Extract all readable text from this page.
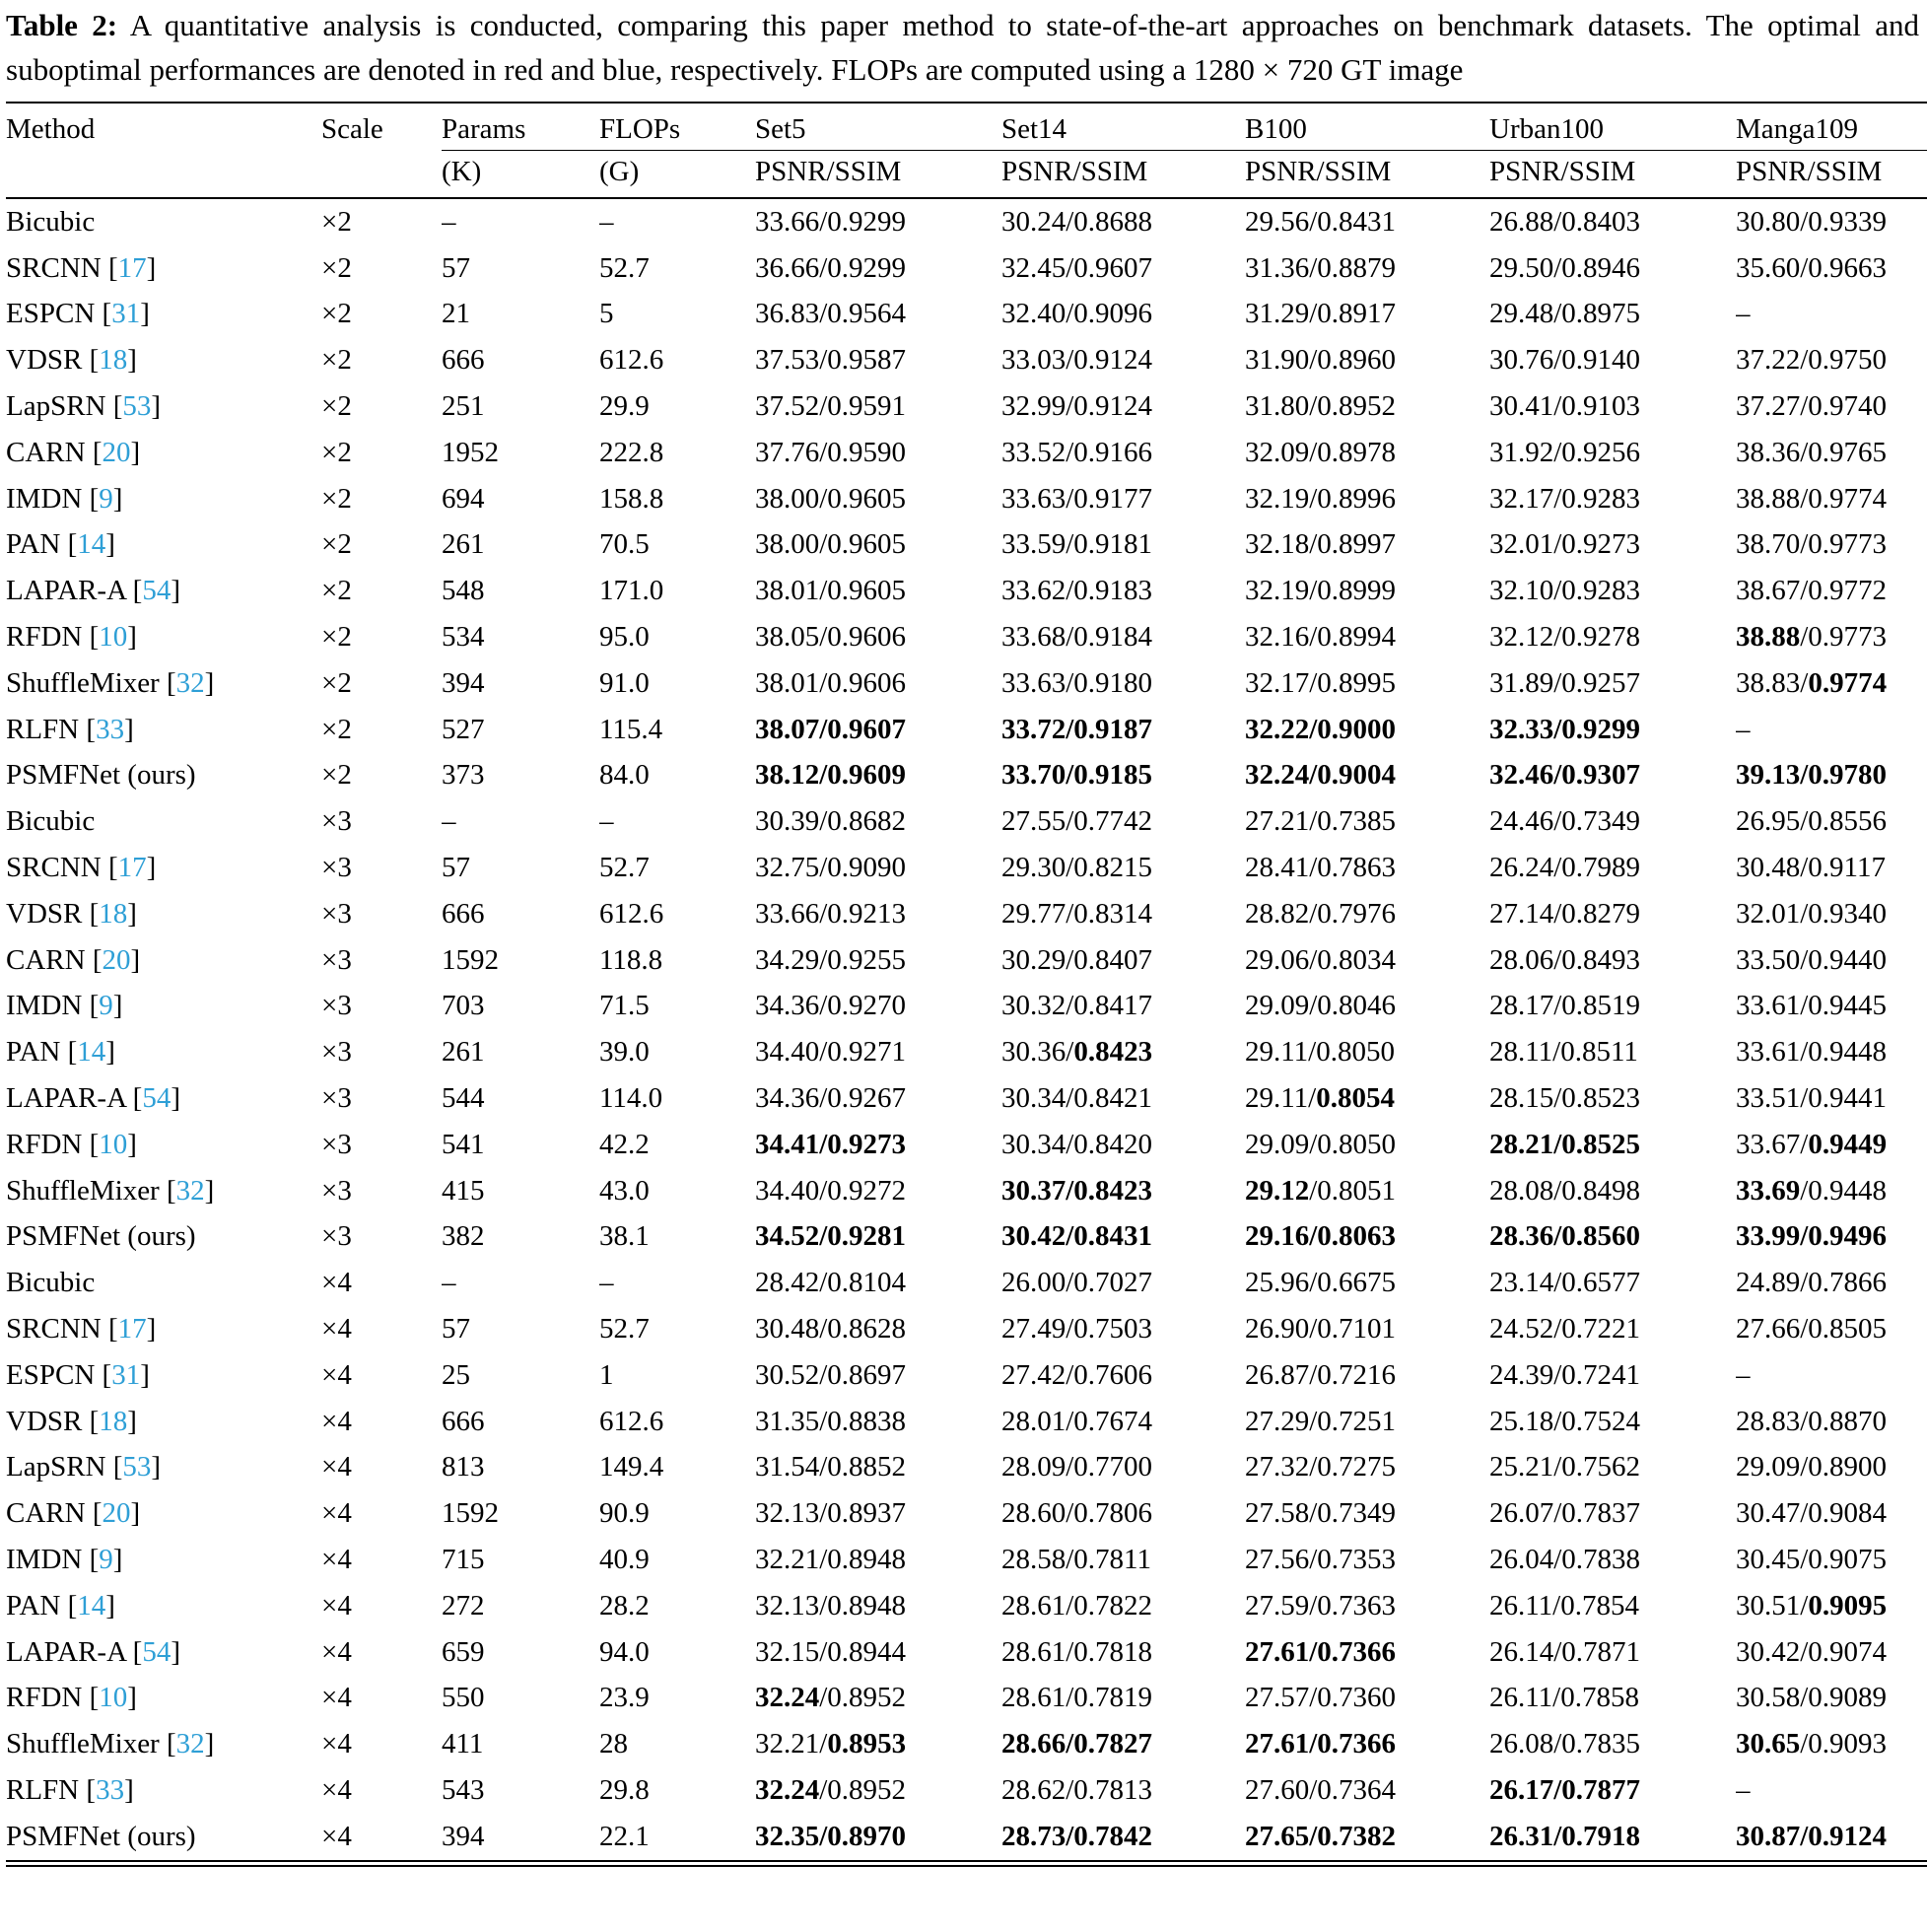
Table 2: A quantitative analysis is conducted, comparing this paper method to state-of-the-art approaches on benchmark datasets. The optimal and suboptimal performances are denoted in red and blue, respectively. FLOPs are computed using a 1280 × 720 GT image
Method	Scale	Params	FLOPs	Set5	Set14	B100	Urban100	Manga109
		(K)	(G)	PSNR/SSIM	PSNR/SSIM	PSNR/SSIM	PSNR/SSIM	PSNR/SSIM
Bicubic	×2	–	–	33.66/0.9299	30.24/0.8688	29.56/0.8431	26.88/0.8403	30.80/0.9339
SRCNN [17]	×2	57	52.7	36.66/0.9299	32.45/0.9607	31.36/0.8879	29.50/0.8946	35.60/0.9663
ESPCN [31]	×2	21	5	36.83/0.9564	32.40/0.9096	31.29/0.8917	29.48/0.8975	–
VDSR [18]	×2	666	612.6	37.53/0.9587	33.03/0.9124	31.90/0.8960	30.76/0.9140	37.22/0.9750
LapSRN [53]	×2	251	29.9	37.52/0.9591	32.99/0.9124	31.80/0.8952	30.41/0.9103	37.27/0.9740
CARN [20]	×2	1952	222.8	37.76/0.9590	33.52/0.9166	32.09/0.8978	31.92/0.9256	38.36/0.9765
IMDN [9]	×2	694	158.8	38.00/0.9605	33.63/0.9177	32.19/0.8996	32.17/0.9283	38.88/0.9774
PAN [14]	×2	261	70.5	38.00/0.9605	33.59/0.9181	32.18/0.8997	32.01/0.9273	38.70/0.9773
LAPAR-A [54]	×2	548	171.0	38.01/0.9605	33.62/0.9183	32.19/0.8999	32.10/0.9283	38.67/0.9772
RFDN [10]	×2	534	95.0	38.05/0.9606	33.68/0.9184	32.16/0.8994	32.12/0.9278	38.88/0.9773
ShuffleMixer [32]	×2	394	91.0	38.01/0.9606	33.63/0.9180	32.17/0.8995	31.89/0.9257	38.83/0.9774
RLFN [33]	×2	527	115.4	38.07/0.9607	33.72/0.9187	32.22/0.9000	32.33/0.9299	–
PSMFNet (ours)	×2	373	84.0	38.12/0.9609	33.70/0.9185	32.24/0.9004	32.46/0.9307	39.13/0.9780
Bicubic	×3	–	–	30.39/0.8682	27.55/0.7742	27.21/0.7385	24.46/0.7349	26.95/0.8556
SRCNN [17]	×3	57	52.7	32.75/0.9090	29.30/0.8215	28.41/0.7863	26.24/0.7989	30.48/0.9117
VDSR [18]	×3	666	612.6	33.66/0.9213	29.77/0.8314	28.82/0.7976	27.14/0.8279	32.01/0.9340
CARN [20]	×3	1592	118.8	34.29/0.9255	30.29/0.8407	29.06/0.8034	28.06/0.8493	33.50/0.9440
IMDN [9]	×3	703	71.5	34.36/0.9270	30.32/0.8417	29.09/0.8046	28.17/0.8519	33.61/0.9445
PAN [14]	×3	261	39.0	34.40/0.9271	30.36/0.8423	29.11/0.8050	28.11/0.8511	33.61/0.9448
LAPAR-A [54]	×3	544	114.0	34.36/0.9267	30.34/0.8421	29.11/0.8054	28.15/0.8523	33.51/0.9441
RFDN [10]	×3	541	42.2	34.41/0.9273	30.34/0.8420	29.09/0.8050	28.21/0.8525	33.67/0.9449
ShuffleMixer [32]	×3	415	43.0	34.40/0.9272	30.37/0.8423	29.12/0.8051	28.08/0.8498	33.69/0.9448
PSMFNet (ours)	×3	382	38.1	34.52/0.9281	30.42/0.8431	29.16/0.8063	28.36/0.8560	33.99/0.9496
Bicubic	×4	–	–	28.42/0.8104	26.00/0.7027	25.96/0.6675	23.14/0.6577	24.89/0.7866
SRCNN [17]	×4	57	52.7	30.48/0.8628	27.49/0.7503	26.90/0.7101	24.52/0.7221	27.66/0.8505
ESPCN [31]	×4	25	1	30.52/0.8697	27.42/0.7606	26.87/0.7216	24.39/0.7241	–
VDSR [18]	×4	666	612.6	31.35/0.8838	28.01/0.7674	27.29/0.7251	25.18/0.7524	28.83/0.8870
LapSRN [53]	×4	813	149.4	31.54/0.8852	28.09/0.7700	27.32/0.7275	25.21/0.7562	29.09/0.8900
CARN [20]	×4	1592	90.9	32.13/0.8937	28.60/0.7806	27.58/0.7349	26.07/0.7837	30.47/0.9084
IMDN [9]	×4	715	40.9	32.21/0.8948	28.58/0.7811	27.56/0.7353	26.04/0.7838	30.45/0.9075
PAN [14]	×4	272	28.2	32.13/0.8948	28.61/0.7822	27.59/0.7363	26.11/0.7854	30.51/0.9095
LAPAR-A [54]	×4	659	94.0	32.15/0.8944	28.61/0.7818	27.61/0.7366	26.14/0.7871	30.42/0.9074
RFDN [10]	×4	550	23.9	32.24/0.8952	28.61/0.7819	27.57/0.7360	26.11/0.7858	30.58/0.9089
ShuffleMixer [32]	×4	411	28	32.21/0.8953	28.66/0.7827	27.61/0.7366	26.08/0.7835	30.65/0.9093
RLFN [33]	×4	543	29.8	32.24/0.8952	28.62/0.7813	27.60/0.7364	26.17/0.7877	–
PSMFNet (ours)	×4	394	22.1	32.35/0.8970	28.73/0.7842	27.65/0.7382	26.31/0.7918	30.87/0.9124
